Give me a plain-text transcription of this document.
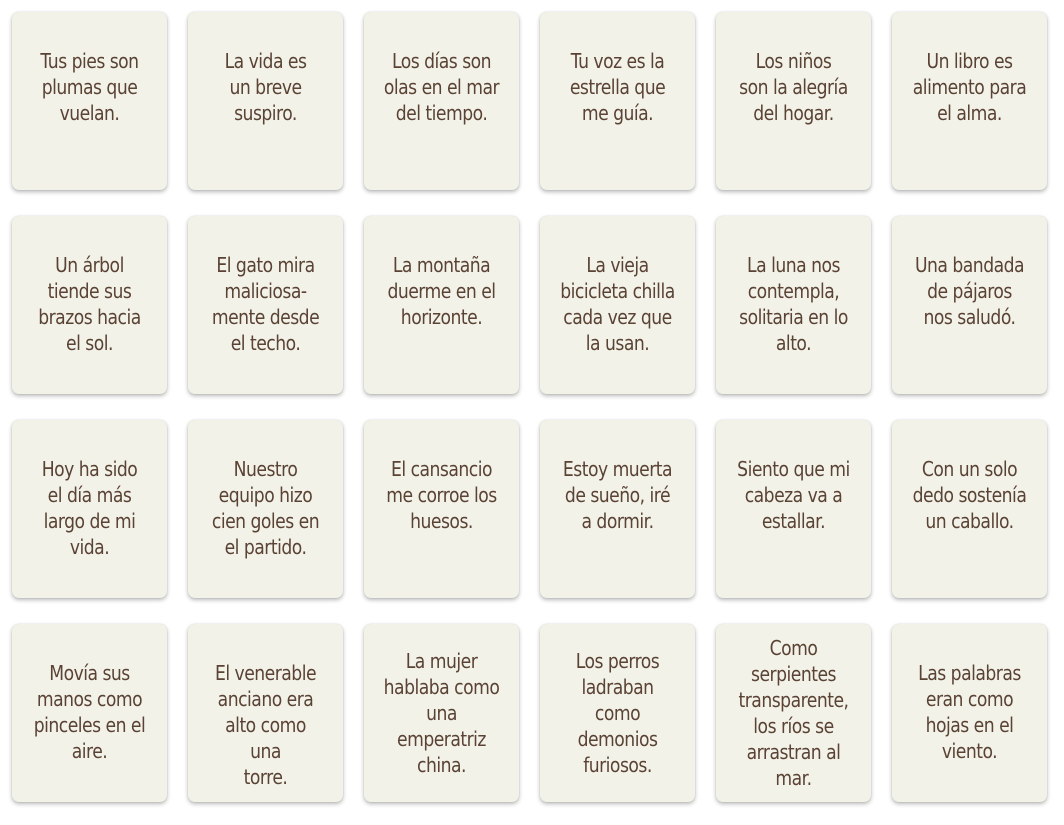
Tus pies son
plumas que
vuelan.
La vida es
un breve
suspiro.
Los días son
olas en el mar
del tiempo.
Tu voz es la
estrella que
me guía.
Los niños
son la alegría
del hogar.
Un libro es
alimento para
el alma.
Un árbol
tiende sus
brazos hacia
el sol.
El gato mira
maliciosa-
mente desde
el techo.
La montaña
duerme en el
horizonte.
La vieja
bicicleta chilla
cada vez que
la usan.
La luna nos
contempla,
solitaria en lo
alto.
Una bandada
de pájaros
nos saludó.
Hoy ha sido
el día más
largo de mi
vida.
Nuestro
equipo hizo
cien goles en
el partido.
El cansancio
me corroe los
huesos.
Estoy muerta
de sueño, iré
a dormir.
Siento que mi
cabeza va a
estallar.
Con un solo
dedo sostenía
un caballo.
Movía sus
manos como
pinceles en el
aire.
El venerable
anciano era
alto como una
torre.
La mujer
hablaba como
una
emperatriz
china.
Los perros
ladraban
como
demonios
furiosos.
Como
serpientes
transparente,
los ríos se
arrastran al
mar.
Las palabras
eran como
hojas en el
viento.
